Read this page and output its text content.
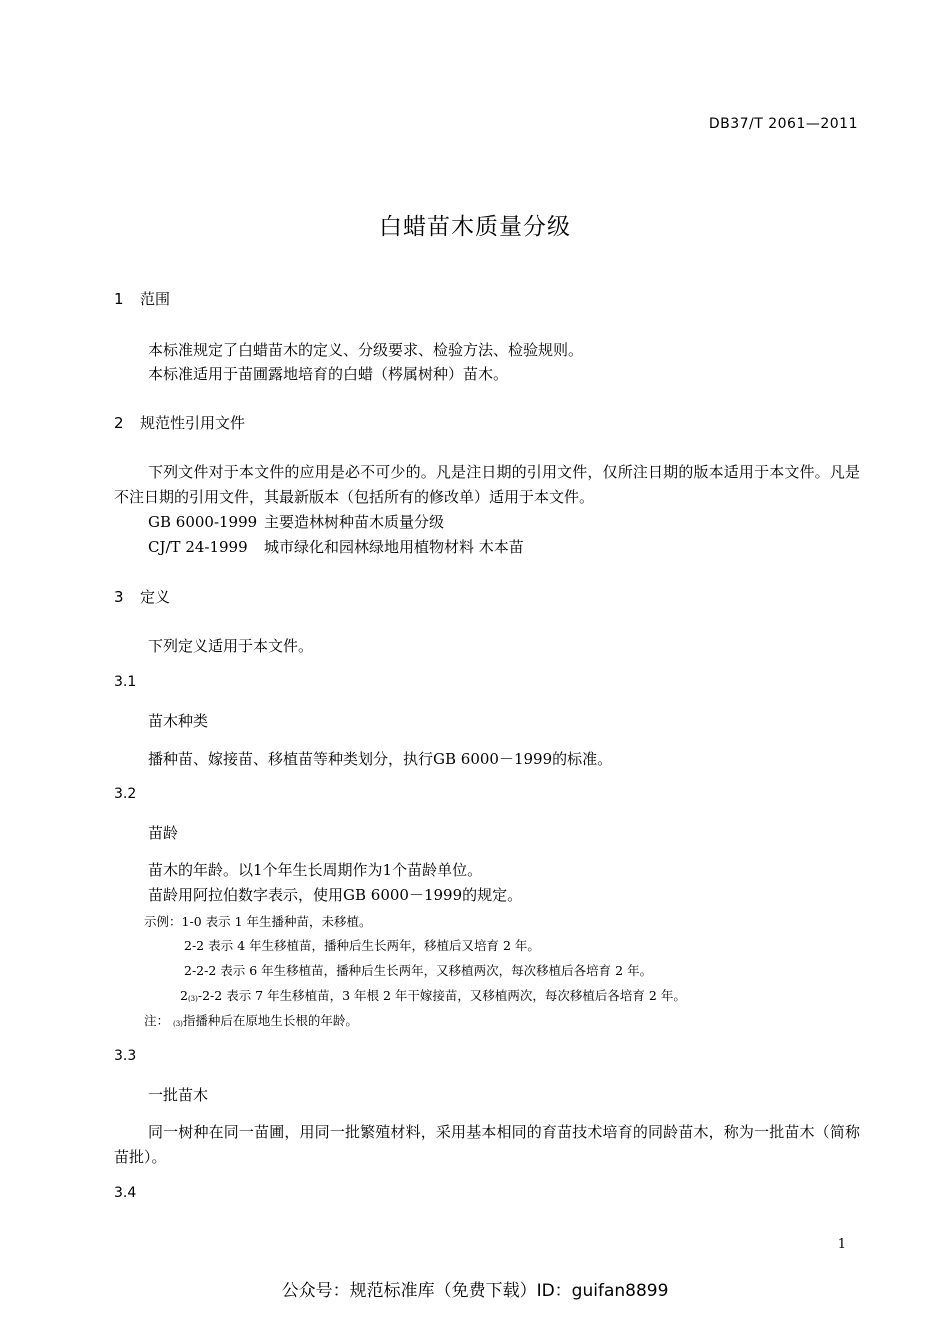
DB37/T 2061—2011
白蜡苗木质量分级
1 范围
本标准规定了白蜡苗木的定义、分级要求、检验方法、检验规则。
本标准适用于苗圃露地培育的白蜡（梣属树种）苗木。
2 规范性引用文件
下列文件对于本文件的应用是必不可少的。凡是注日期的引用文件，仅所注日期的版本适用于本文件。凡是不注日期的引用文件，其最新版本（包括所有的修改单）适用于本文件。
GB 6000-1999 主要造林树种苗木质量分级
CJ/T 24-1999 城市绿化和园林绿地用植物材料 木本苗
3 定义
下列定义适用于本文件。
3.1
苗木种类
播种苗、嫁接苗、移植苗等种类划分，执行GB 6000－1999的标准。
3.2
苗龄
苗木的年龄。以1个年生长周期作为1个苗龄单位。
苗龄用阿拉伯数字表示，使用GB 6000－1999的规定。
示例：1-0 表示 1 年生播种苗，未移植。
2-2 表示 4 年生移植苗，播种后生长两年，移植后又培育 2 年。
2-2-2 表示 6 年生移植苗，播种后生长两年，又移植两次，每次移植后各培育 2 年。
$2_{(3)}-2-2$ 表示 7 年生移植苗，3 年根 2 年干嫁接苗，又移植两次，每次移植后各培育 2 年。
注： $_{(3)}$指播种后在原地生长根的年龄。
3.3
一批苗木
同一树种在同一苗圃，用同一批繁殖材料，采用基本相同的育苗技术培育的同龄苗木，称为一批苗木（简称苗批）。
3.4
1
公众号：规范标准库（免费下载）ID：guifan8899
